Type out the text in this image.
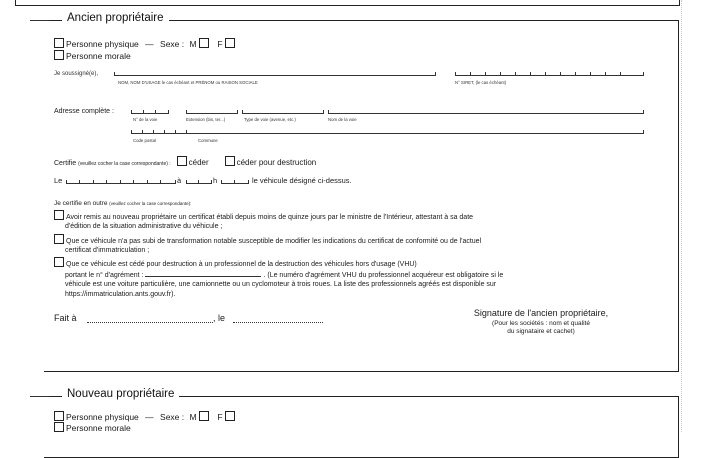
Ancien propriétaire
Personne physique — Sexe : M F
Personne morale
Je soussigné(e),
NOM, NOM D'USAGE le cas échéant et PRÉNOM ou RAISON SOCIALE	N° SIRET, (le cas échéant)
Adresse complète :
N° de la voie	Extension (bis, ter...)	Type de voie (avenue, etc.)	Nom de la voie
Code postal	Commune
Certifie (veuillez cocher la case correspondante) : céder	céder pour destruction
Le	à	h	le véhicule désigné ci-dessus.
Je certifie en outre (veuillez cocher la case correspondante):
Avoir remis au nouveau propriétaire un certificat établi depuis moins de quinze jours par le ministre de l'Intérieur, attestant à sa date
d'édition de la situation administrative du véhicule ;
Que ce véhicule n'a pas subi de transformation notable susceptible de modifier les indications du certificat de conformité ou de l'actuel
certificat d'immatriculation ;
Que ce véhicule est cédé pour destruction à un professionnel de la destruction des véhicules hors d'usage (VHU)
portant le n° d'agrément :	. (Le numéro d'agrément VHU du professionnel acquéreur est obligatoire si le
véhicule est une voiture particulière, une camionnette ou un cyclomoteur à trois roues. La liste des professionnels agréés est disponible sur
https://immatriculation.ants.gouv.fr).
Fait à	, le	Signature de l'ancien propriétaire,
(Pour les sociétés : nom et qualité
du signataire et cachet)
Nouveau propriétaire
Personne physique — Sexe : M F
Personne morale
